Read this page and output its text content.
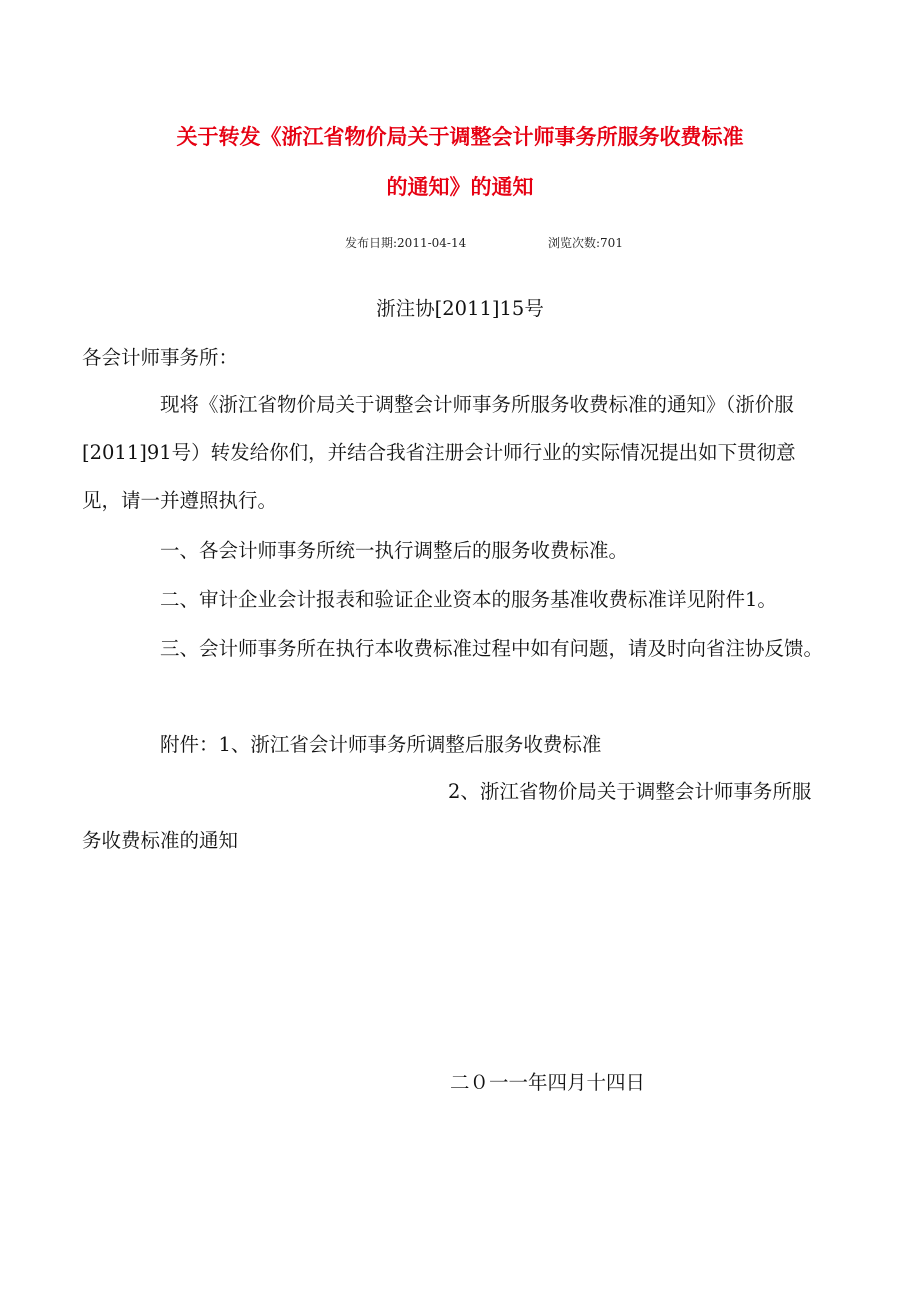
关于转发《浙江省物价局关于调整会计师事务所服务收费标准
的通知》的通知
发布日期:2011-04-14	浏览次数:701
浙注协[2011]15号
各会计师事务所：
现将《浙江省物价局关于调整会计师事务所服务收费标准的通知》（浙价服
[2011]91号）转发给你们，并结合我省注册会计师行业的实际情况提出如下贯彻意
见，请一并遵照执行。
一、各会计师事务所统一执行调整后的服务收费标准。
二、审计企业会计报表和验证企业资本的服务基准收费标准详见附件1。
三、会计师事务所在执行本收费标准过程中如有问题，请及时向省注协反馈。
附件：1、浙江省会计师事务所调整后服务收费标准
2、浙江省物价局关于调整会计师事务所服
务收费标准的通知
二０一一年四月十四日
